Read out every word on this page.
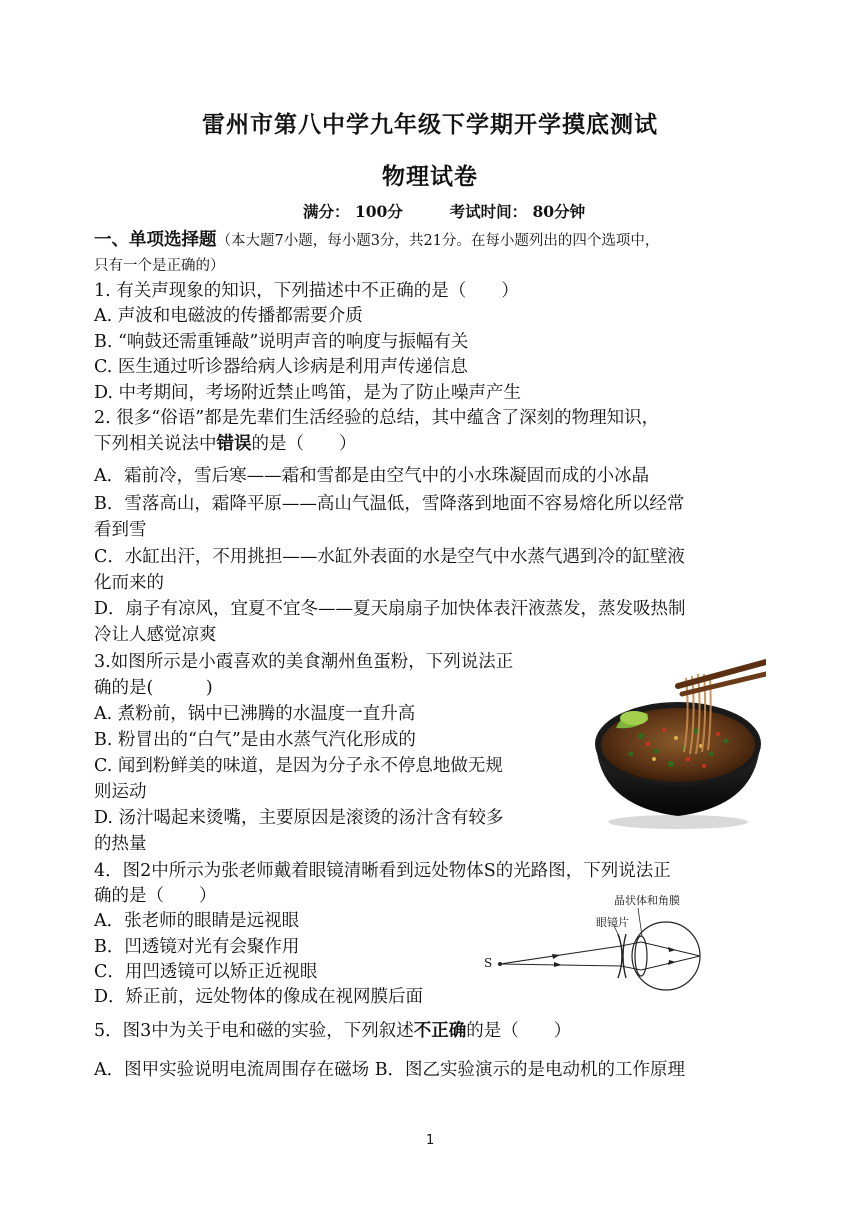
雷州市第八中学九年级下学期开学摸底测试
物理试卷
满分： 100分	考试时间： 80分钟
一、单项选择题（本大题7小题，每小题3分，共21分。在每小题列出的四个选项中，
只有一个是正确的）
1. 有关声现象的知识，下列描述中不正确的是（　　）
A. 声波和电磁波的传播都需要介质
B. “响鼓还需重锤敲”说明声音的响度与振幅有关
C. 医生通过听诊器给病人诊病是利用声传递信息
D. 中考期间，考场附近禁止鸣笛，是为了防止噪声产生
2. 很多“俗语”都是先辈们生活经验的总结，其中蕴含了深刻的物理知识，
下列相关说法中错误的是（　　）
A．霜前冷，雪后寒——霜和雪都是由空气中的小水珠凝固而成的小冰晶
B．雪落高山，霜降平原——高山气温低，雪降落到地面不容易熔化所以经常
看到雪
C．水缸出汗，不用挑担——水缸外表面的水是空气中水蒸气遇到冷的缸壁液
化而来的
D．扇子有凉风，宜夏不宜冬——夏天扇扇子加快体表汗液蒸发，蒸发吸热制
冷让人感觉凉爽
3.如图所示是小霞喜欢的美食潮州鱼蛋粉，下列说法正
确的是(　　　)
A. 煮粉前，锅中已沸腾的水温度一直升高
B. 粉冒出的“白气”是由水蒸气汽化形成的
C. 闻到粉鲜美的味道，是因为分子永不停息地做无规
则运动
D. 汤汁喝起来烫嘴，主要原因是滚烫的汤汁含有较多
的热量
4．图2中所示为张老师戴着眼镜清晰看到远处物体S的光路图，下列说法正
确的是（　　）
A．张老师的眼睛是远视眼
B．凹透镜对光有会聚作用
C．用凹透镜可以矫正近视眼
D．矫正前，远处物体的像成在视网膜后面
晶状体和角膜
眼镜片
S
5．图3中为关于电和磁的实验，下列叙述不正确的是（　　）
A．图甲实验说明电流周围存在磁场 B．图乙实验演示的是电动机的工作原理
1
